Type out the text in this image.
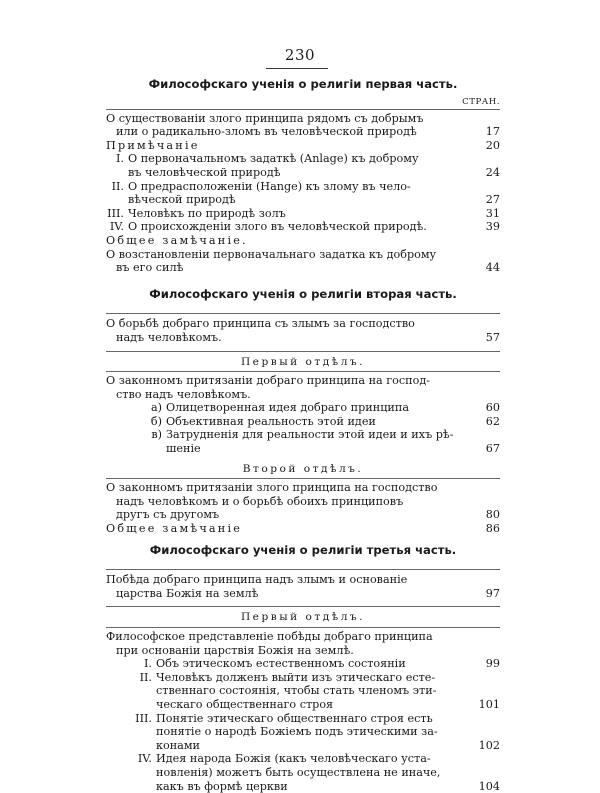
230
Философскаго ученія о религіи первая часть.
СТРАН.
О существованіи злого принципа рядомъ съ добрымъ
или о радикально-зломъ въ человѣческой природѣ	17
Примѣчаніе	20
I. О первоначальномъ задаткѣ (Anlage) къ доброму
въ человѣческой природѣ	24
II. О предрасположеніи (Hange) къ злому въ чело-
вѣческой природѣ	27
III. Человѣкъ по природѣ золъ	31
IV. О происхожденіи злого въ человѣческой природѣ.	39
Общее замѣчаніе.
О возстановленіи первоначальнаго задатка къ доброму
въ его силѣ	44
Философскаго ученія о религіи вторая часть.
О борьбѣ добраго принципа съ злымъ за господство
надъ человѣкомъ.	57
Первый отдѣлъ.
О законномъ притязаніи добраго принципа на господ-
ство надъ человѣкомъ.
a) Олицетворенная идея добраго принципа	60
б) Объективная реальность этой идеи	62
в) Затрудненія для реальности этой идеи и ихъ рѣ-
шеніе	67
Второй отдѣлъ.
О законномъ притязаніи злого принципа на господство
надъ человѣкомъ и о борьбѣ обоихъ принциповъ
другъ съ другомъ	80
Общее замѣчаніе	86
Философскаго ученія о религіи третья часть.
Побѣда добраго принципа надъ злымъ и основаніе
царства Божія на землѣ	97
Первый отдѣлъ.
Философское представленіе побѣды добраго принципа
при основаніи царствія Божія на землѣ.
I. Объ этическомъ естественномъ состояніи	99
II. Человѣкъ долженъ выйти изъ этическаго есте-
ственнаго состоянія, чтобы стать членомъ эти-
ческаго общественнаго строя	101
III. Понятіе этическаго общественнаго строя есть
понятіе о народѣ Божіемъ подъ этическими за-
конами	102
IV. Идея народа Божія (какъ человѣческаго уста-
новленія) можетъ быть осуществлена не иначе,
какъ въ формѣ церкви	104
